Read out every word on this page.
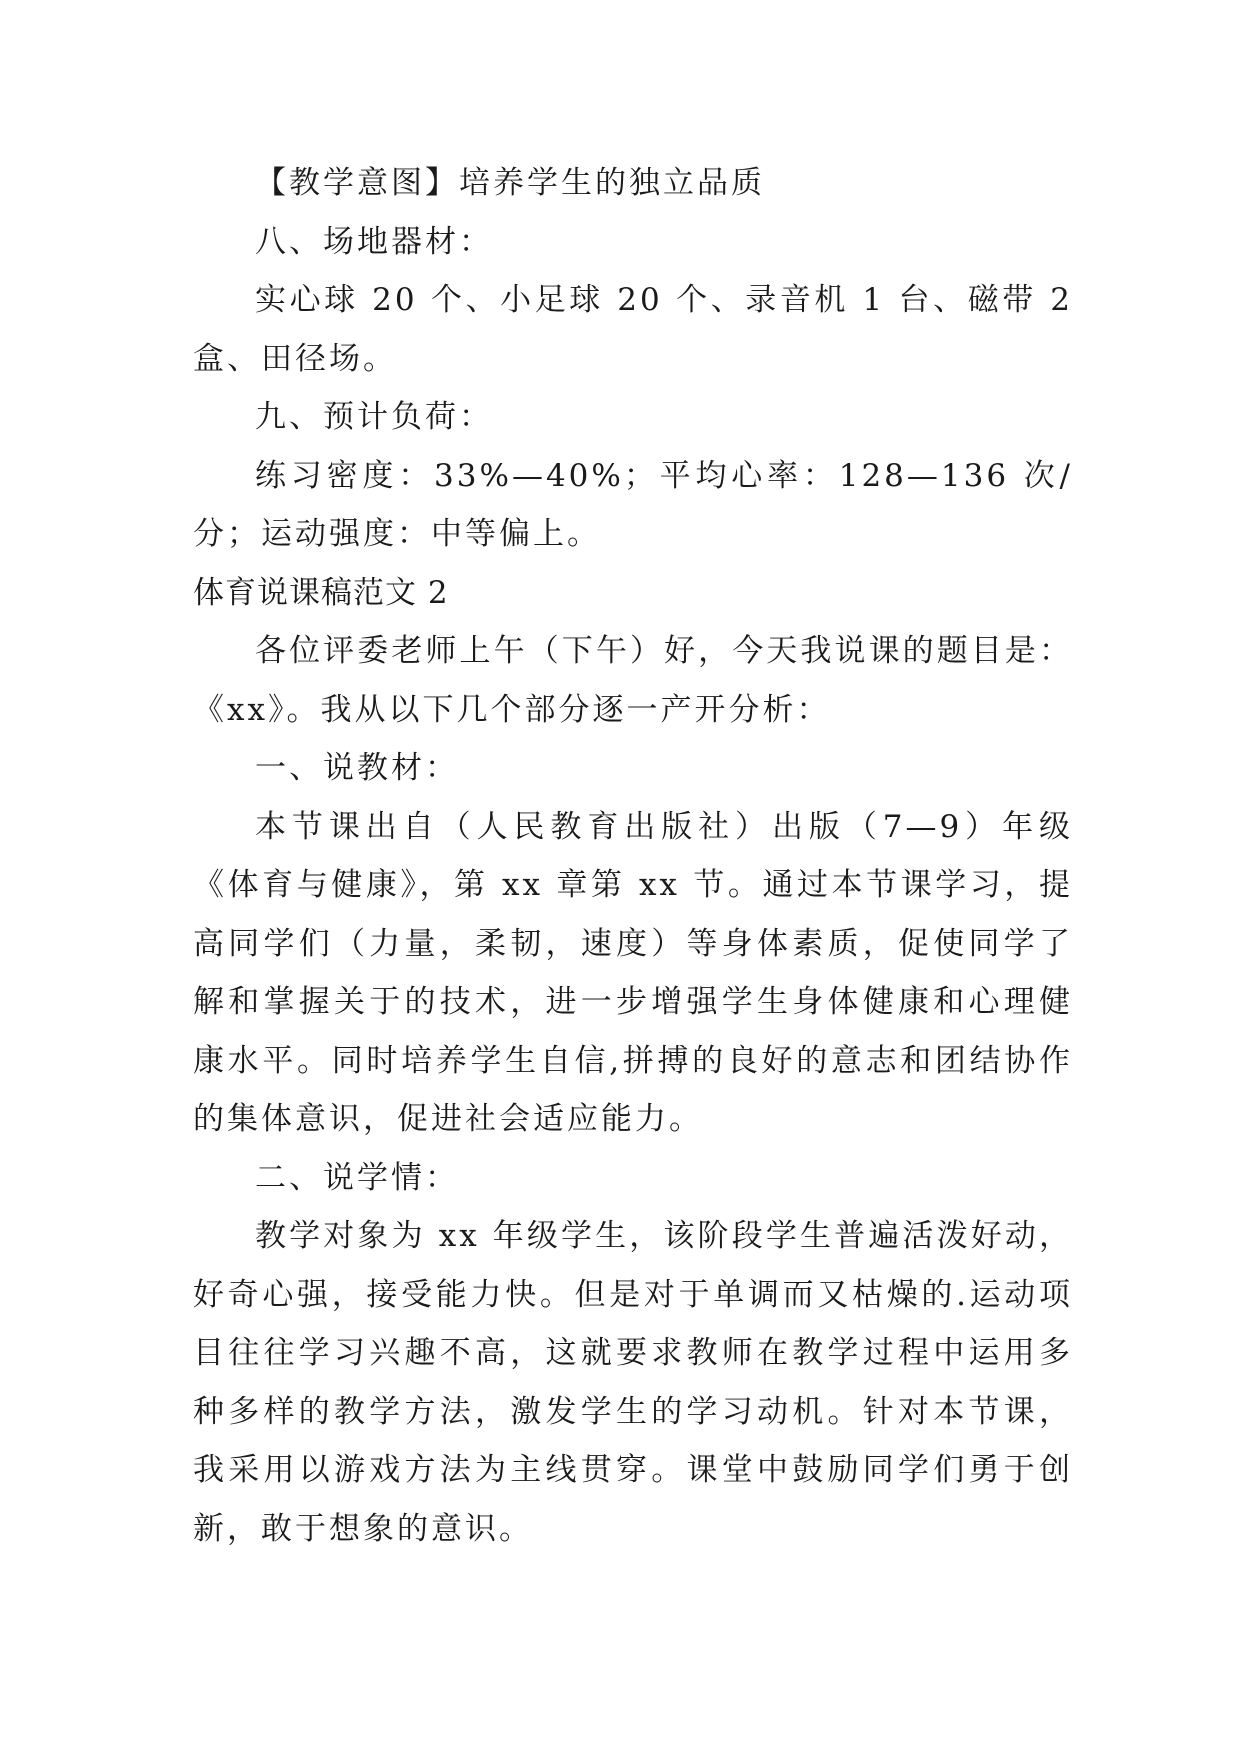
【教学意图】培养学生的独立品质

八、场地器材：

实心球 20 个、小足球 20 个、录音机 1 台、磁带 2 盒、田径场。

九、预计负荷：

练习密度：33%—40%；平均心率：128—136 次/分；运动强度：中等偏上。

体育说课稿范文 2

各位评委老师上午（下午）好，今天我说课的题目是：《xx》。我从以下几个部分逐一产开分析：

一、说教材：

本节课出自（人民教育出版社）出版（7—9）年级《体育与健康》，第 xx 章第 xx 节。通过本节课学习，提高同学们（力量，柔韧，速度）等身体素质，促使同学了解和掌握关于的技术，进一步增强学生身体健康和心理健康水平。同时培养学生自信,拼搏的良好的意志和团结协作的集体意识，促进社会适应能力。

二、说学情：

教学对象为 xx 年级学生，该阶段学生普遍活泼好动，好奇心强，接受能力快。但是对于单调而又枯燥的.运动项目往往学习兴趣不高，这就要求教师在教学过程中运用多种多样的教学方法，激发学生的学习动机。针对本节课，我采用以游戏方法为主线贯穿。课堂中鼓励同学们勇于创新，敢于想象的意识。
